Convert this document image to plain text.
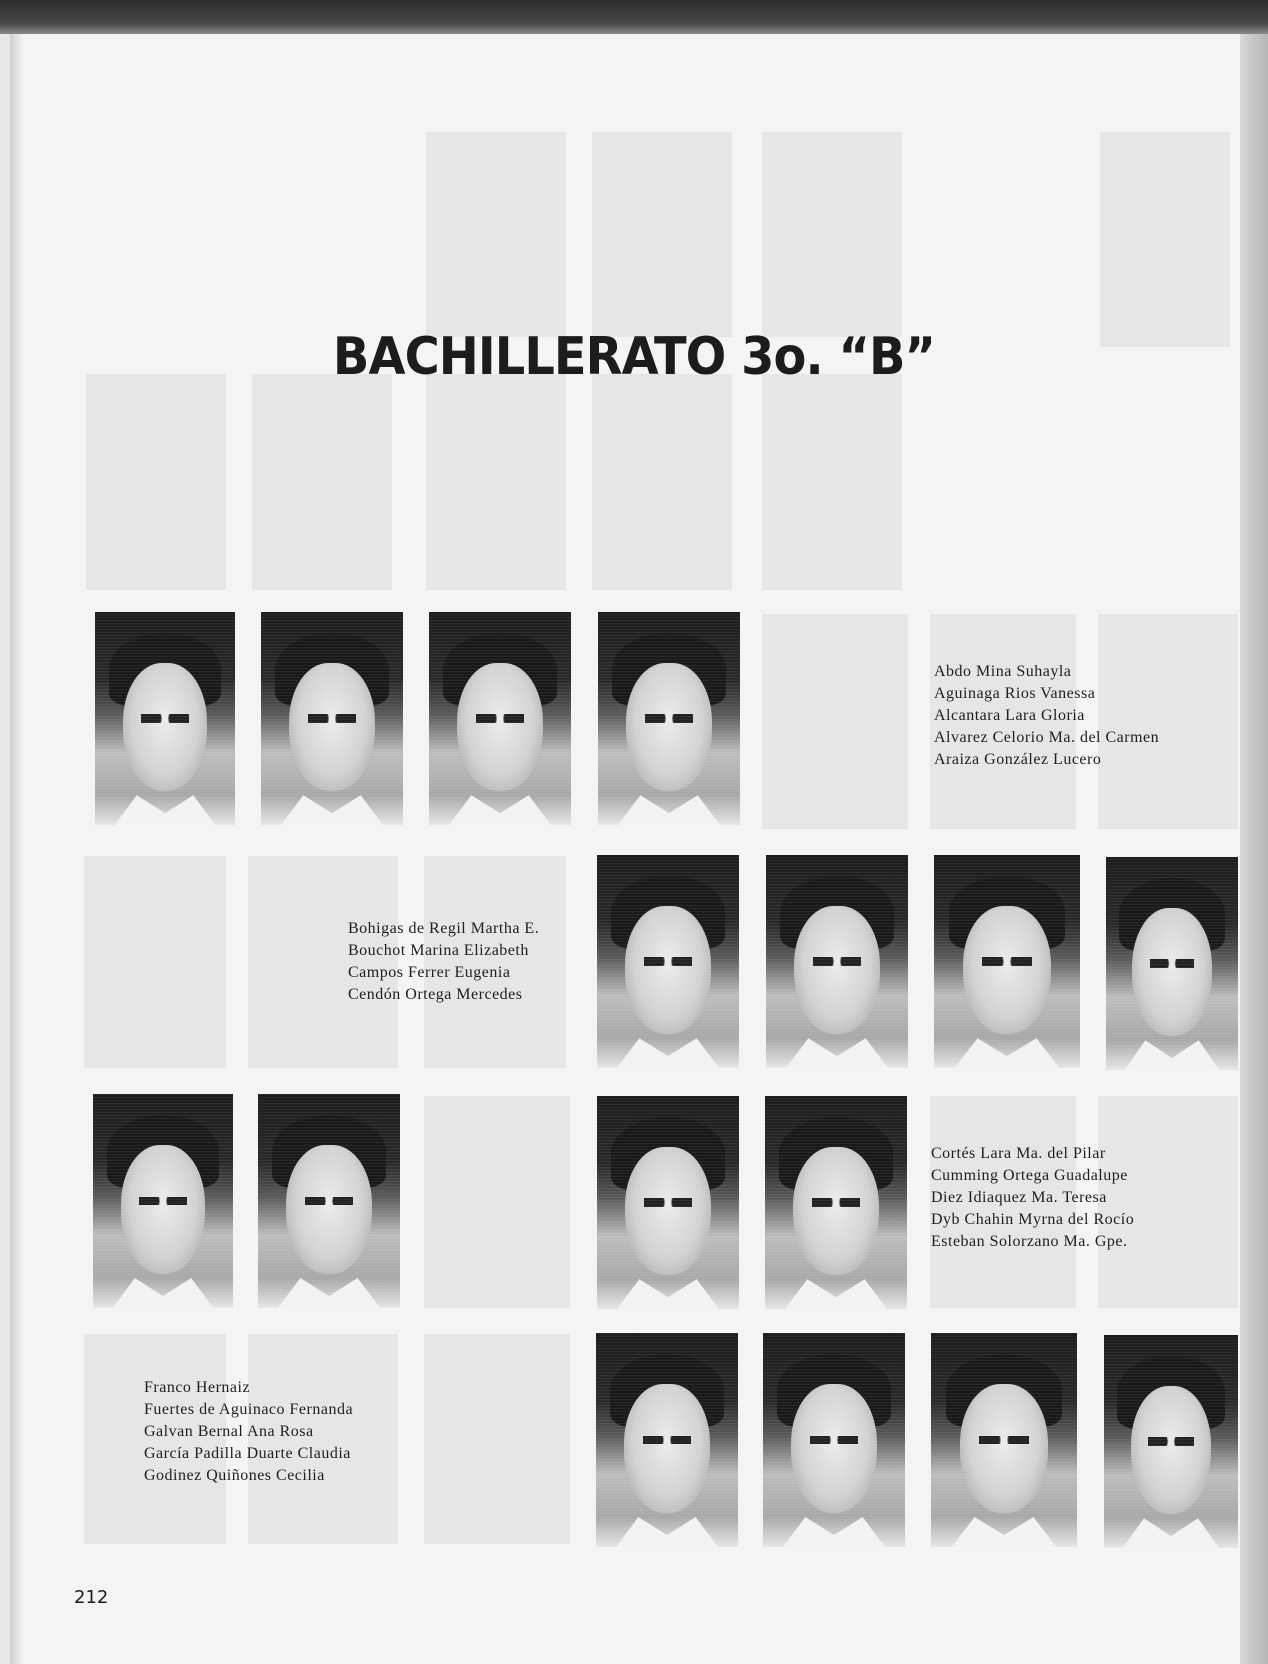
BACHILLERATO 3o. “B”
Abdo Mina Suhayla
Aguinaga Rios Vanessa
Alcantara Lara Gloria
Alvarez Celorio Ma. del Carmen
Araiza González Lucero
Bohigas de Regil Martha E.
Bouchot Marina Elizabeth
Campos Ferrer Eugenia
Cendón Ortega Mercedes
Cortés Lara Ma. del Pilar
Cumming Ortega Guadalupe
Diez Idiaquez Ma. Teresa
Dyb Chahin Myrna del Rocío
Esteban Solorzano Ma. Gpe.
Franco Hernaiz
Fuertes de Aguinaco Fernanda
Galvan Bernal Ana Rosa
García Padilla Duarte Claudia
Godinez Quiñones Cecilia
212
